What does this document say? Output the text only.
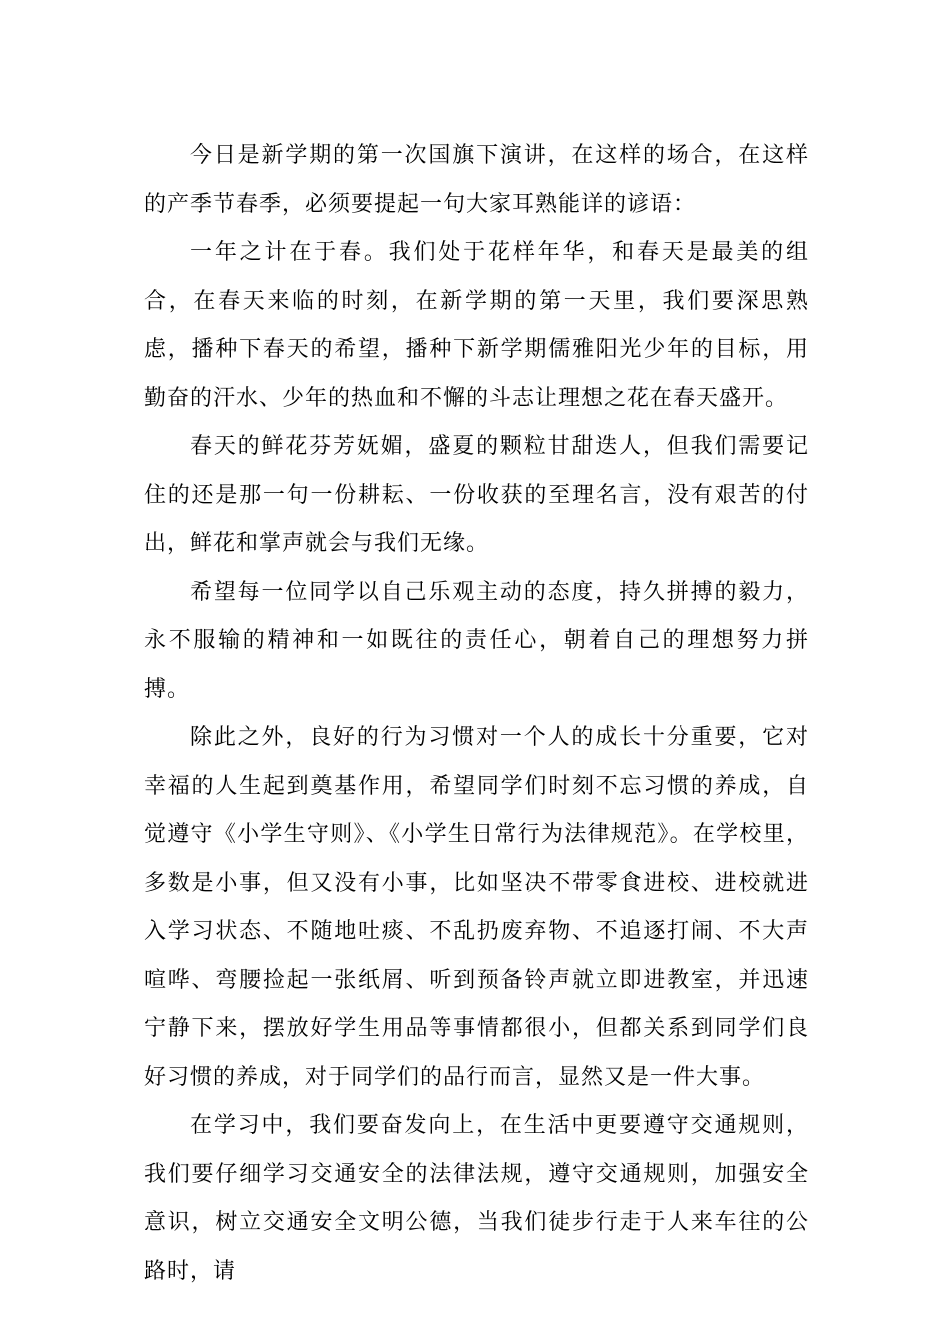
今日是新学期的第一次国旗下演讲，在这样的场合，在这样的产季节春季，必须要提起一句大家耳熟能详的谚语：

一年之计在于春。我们处于花样年华，和春天是最美的组合，在春天来临的时刻，在新学期的第一天里，我们要深思熟虑，播种下春天的希望，播种下新学期儒雅阳光少年的目标，用勤奋的汗水、少年的热血和不懈的斗志让理想之花在春天盛开。

春天的鲜花芬芳妩媚，盛夏的颗粒甘甜迭人，但我们需要记住的还是那一句一份耕耘、一份收获的至理名言，没有艰苦的付出，鲜花和掌声就会与我们无缘。

希望每一位同学以自己乐观主动的态度，持久拼搏的毅力，永不服输的精神和一如既往的责任心，朝着自己的理想努力拼搏。

除此之外，良好的行为习惯对一个人的成长十分重要，它对幸福的人生起到奠基作用，希望同学们时刻不忘习惯的养成，自觉遵守《小学生守则》、《小学生日常行为法律规范》。在学校里，多数是小事，但又没有小事，比如坚决不带零食进校、进校就进入学习状态、不随地吐痰、不乱扔废弃物、不追逐打闹、不大声喧哗、弯腰捡起一张纸屑、听到预备铃声就立即进教室，并迅速宁静下来，摆放好学生用品等事情都很小，但都关系到同学们良好习惯的养成，对于同学们的品行而言，显然又是一件大事。

在学习中，我们要奋发向上，在生活中更要遵守交通规则，我们要仔细学习交通安全的法律法规，遵守交通规则，加强安全意识，树立交通安全文明公德，当我们徒步行走于人来车往的公路时，请
